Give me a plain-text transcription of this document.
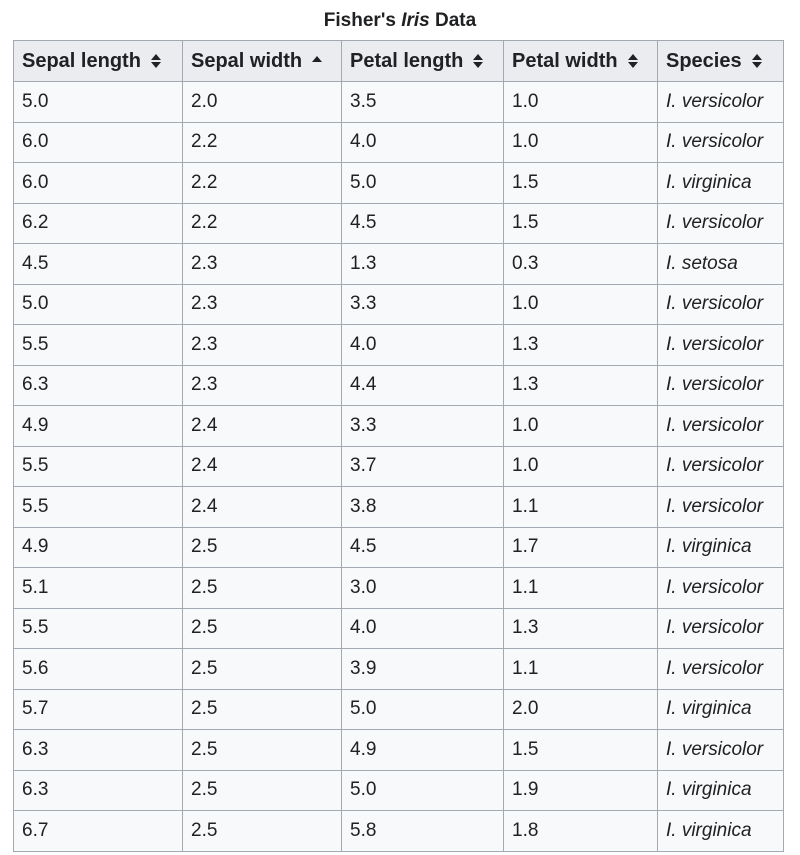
Fisher's Iris Data
Sepal length	Sepal width	Petal length	Petal width	Species

5.0	2.0	3.5	1.0	I. versicolor
6.0	2.2	4.0	1.0	I. versicolor
6.0	2.2	5.0	1.5	I. virginica
6.2	2.2	4.5	1.5	I. versicolor
4.5	2.3	1.3	0.3	I. setosa
5.0	2.3	3.3	1.0	I. versicolor
5.5	2.3	4.0	1.3	I. versicolor
6.3	2.3	4.4	1.3	I. versicolor
4.9	2.4	3.3	1.0	I. versicolor
5.5	2.4	3.7	1.0	I. versicolor
5.5	2.4	3.8	1.1	I. versicolor
4.9	2.5	4.5	1.7	I. virginica
5.1	2.5	3.0	1.1	I. versicolor
5.5	2.5	4.0	1.3	I. versicolor
5.6	2.5	3.9	1.1	I. versicolor
5.7	2.5	5.0	2.0	I. virginica
6.3	2.5	4.9	1.5	I. versicolor
6.3	2.5	5.0	1.9	I. virginica
6.7	2.5	5.8	1.8	I. virginica
